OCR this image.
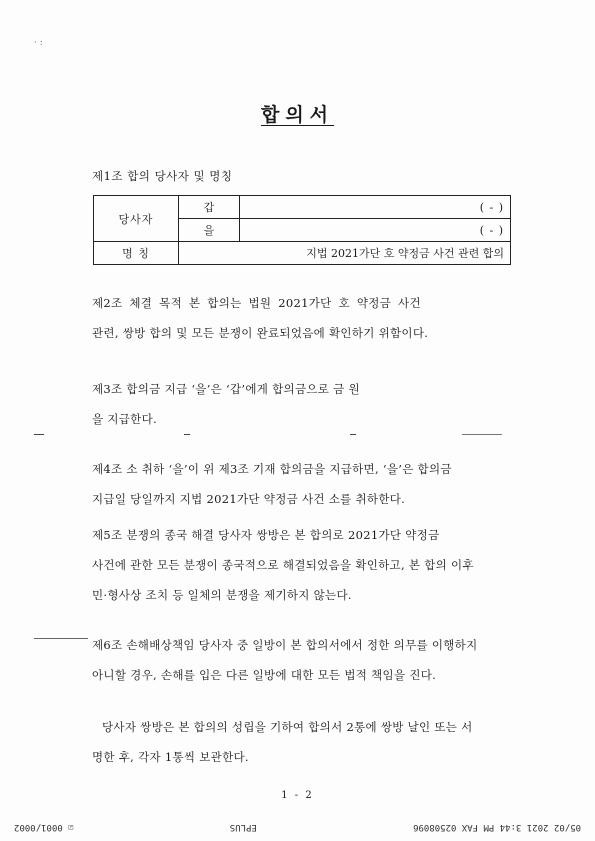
· :
합의서
제1조 합의 당사자 및 명칭
당사자	갑	( - )
	을	( - )
명 칭	지법 2021가단 호 약정금 사건 관련 합의	
제2조 체결 목적 본 합의는 법원 2021가단 호 약정금 사건
관련, 쌍방 합의 및 모든 분쟁이 완료되었음에 확인하기 위함이다.
제3조 합의금 지급 ‘을’은 ‘갑’에게 합의금으로 금 원
을 지급한다.
제4조 소 취하 ‘을’이 위 제3조 기재 합의금을 지급하면, ‘을’은 합의금
지급일 당일까지 지법 2021가단 약정금 사건 소를 취하한다.
제5조 분쟁의 종국 해결 당사자 쌍방은 본 합의로 2021가단 약정금
사건에 관한 모든 분쟁이 종국적으로 해결되었음을 확인하고, 본 합의 이후
민·형사상 조치 등 일체의 분쟁을 제기하지 않는다.
제6조 손해배상책임 당사자 중 일방이 본 합의서에서 정한 의무를 이행하지
아니할 경우, 손해를 입은 다른 일방에 대한 모든 법적 책임을 진다.
당사자 쌍방은 본 합의의 성립을 기하여 합의서 2통에 쌍방 날인 또는 서
명한 후, 각자 1통씩 보관한다.
1 - 2
05/02 2021 3:44 PM FAX 02508096
EPLUS
☑ 0001/0002
